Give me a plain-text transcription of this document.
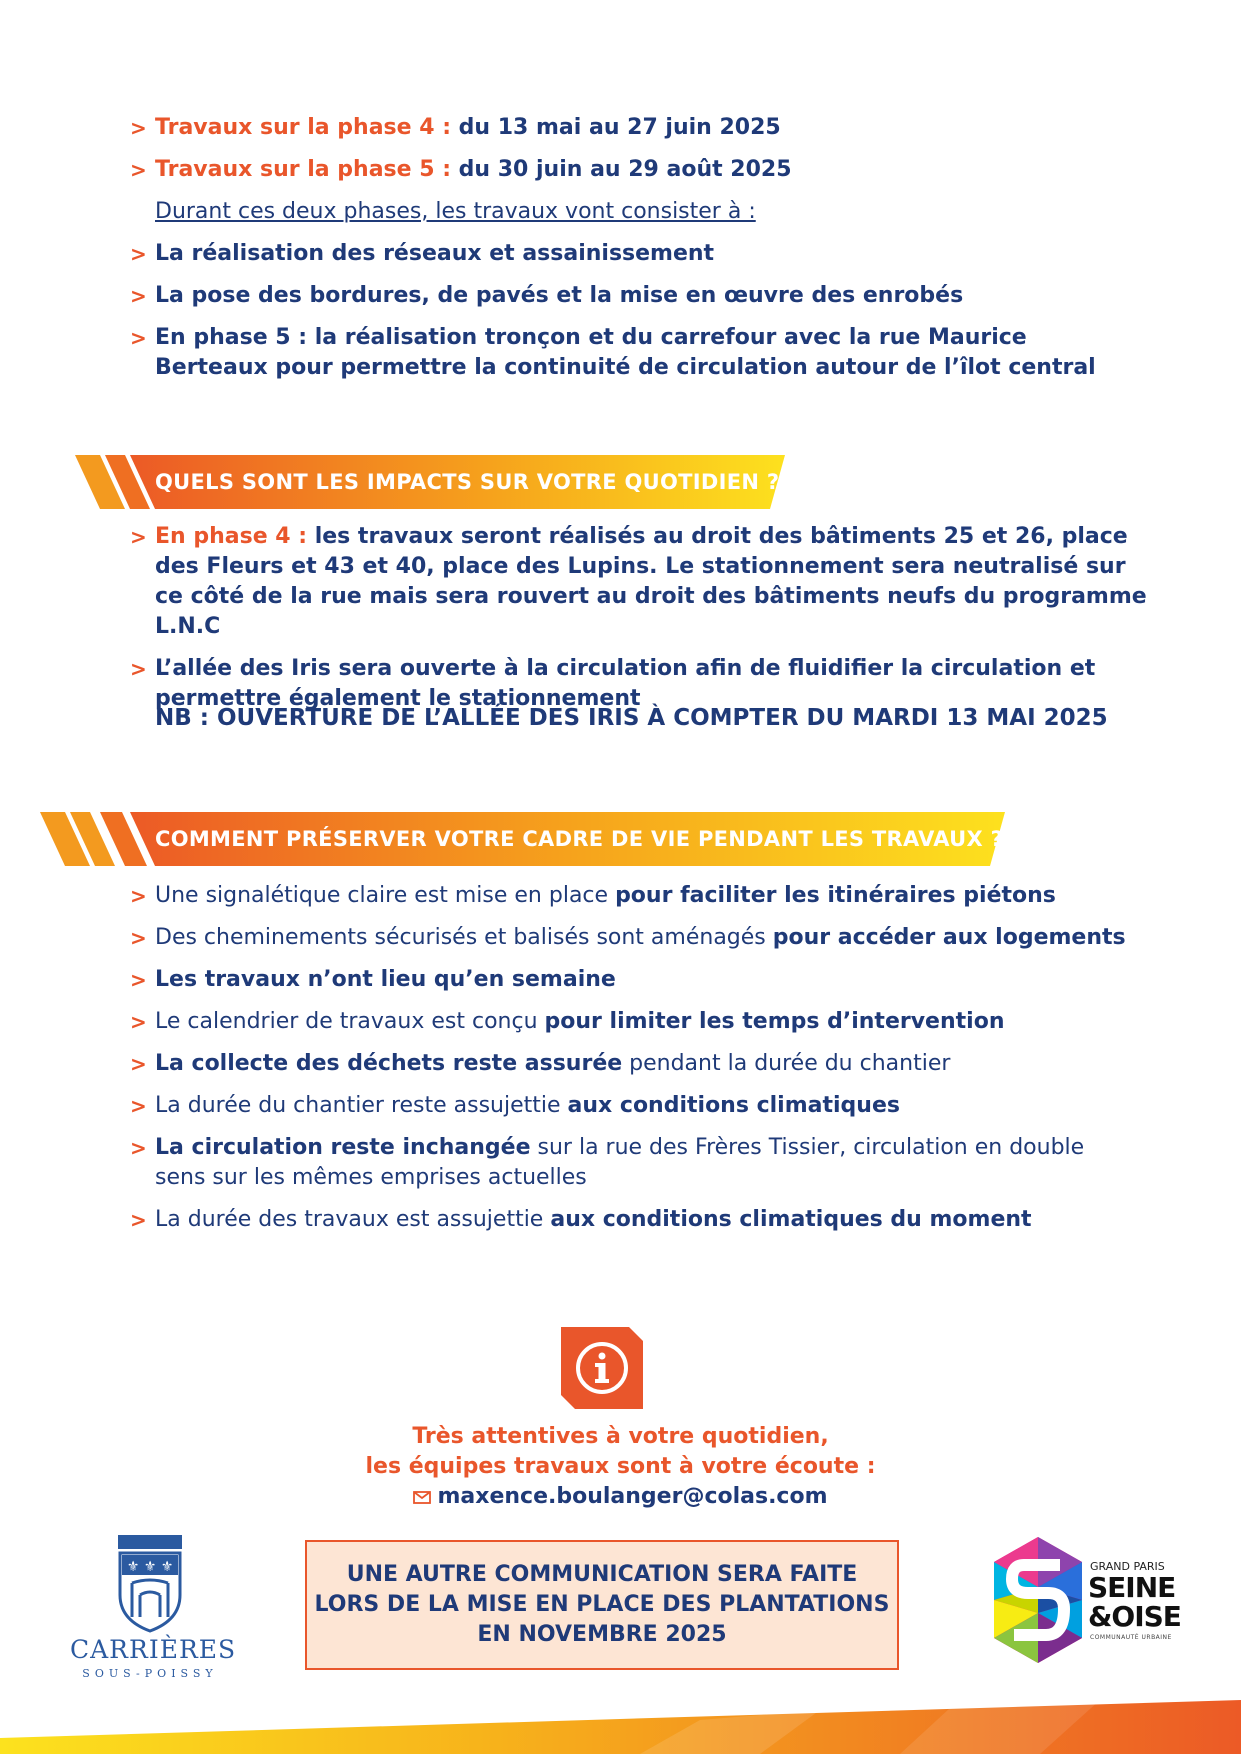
> Travaux sur la phase 4 : du 13 mai au 27 juin 2025
> Travaux sur la phase 5 : du 30 juin au 29 août 2025
Durant ces deux phases, les travaux vont consister à :
> La réalisation des réseaux et assainissement
> La pose des bordures, de pavés et la mise en œuvre des enrobés
> En phase 5 : la réalisation tronçon et du carrefour avec la rue Maurice Berteaux pour permettre la continuité de circulation autour de l’îlot central
QUELS SONT LES IMPACTS SUR VOTRE QUOTIDIEN ?
> En phase 4 : les travaux seront réalisés au droit des bâtiments 25 et 26, place des Fleurs et 43 et 40, place des Lupins. Le stationnement sera neutralisé sur ce côté de la rue mais sera rouvert au droit des bâtiments neufs du programme L.N.C
> L’allée des Iris sera ouverte à la circulation afin de fluidifier la circulation et permettre également le stationnement
NB : OUVERTURE DE L’ALLÉE DES IRIS À COMPTER DU MARDI 13 MAI 2025
COMMENT PRÉSERVER VOTRE CADRE DE VIE PENDANT LES TRAVAUX ?
> Une signalétique claire est mise en place pour faciliter les itinéraires piétons
> Des cheminements sécurisés et balisés sont aménagés pour accéder aux logements
> Les travaux n’ont lieu qu’en semaine
> Le calendrier de travaux est conçu pour limiter les temps d’intervention
> La collecte des déchets reste assurée pendant la durée du chantier
> La durée du chantier reste assujettie aux conditions climatiques
> La circulation reste inchangée sur la rue des Frères Tissier, circulation en double sens sur les mêmes emprises actuelles
> La durée des travaux est assujettie aux conditions climatiques du moment
Très attentives à votre quotidien,
les équipes travaux sont à votre écoute :
maxence.boulanger@colas.com
UNE AUTRE COMMUNICATION SERA FAITE
LORS DE LA MISE EN PLACE DES PLANTATIONS
EN NOVEMBRE 2025
⚜ ⚜ ⚜
CARRIÈRES
SOUS-POISSY
GRAND PARIS
SEINE
&OISE
COMMUNAUTÉ URBAINE
